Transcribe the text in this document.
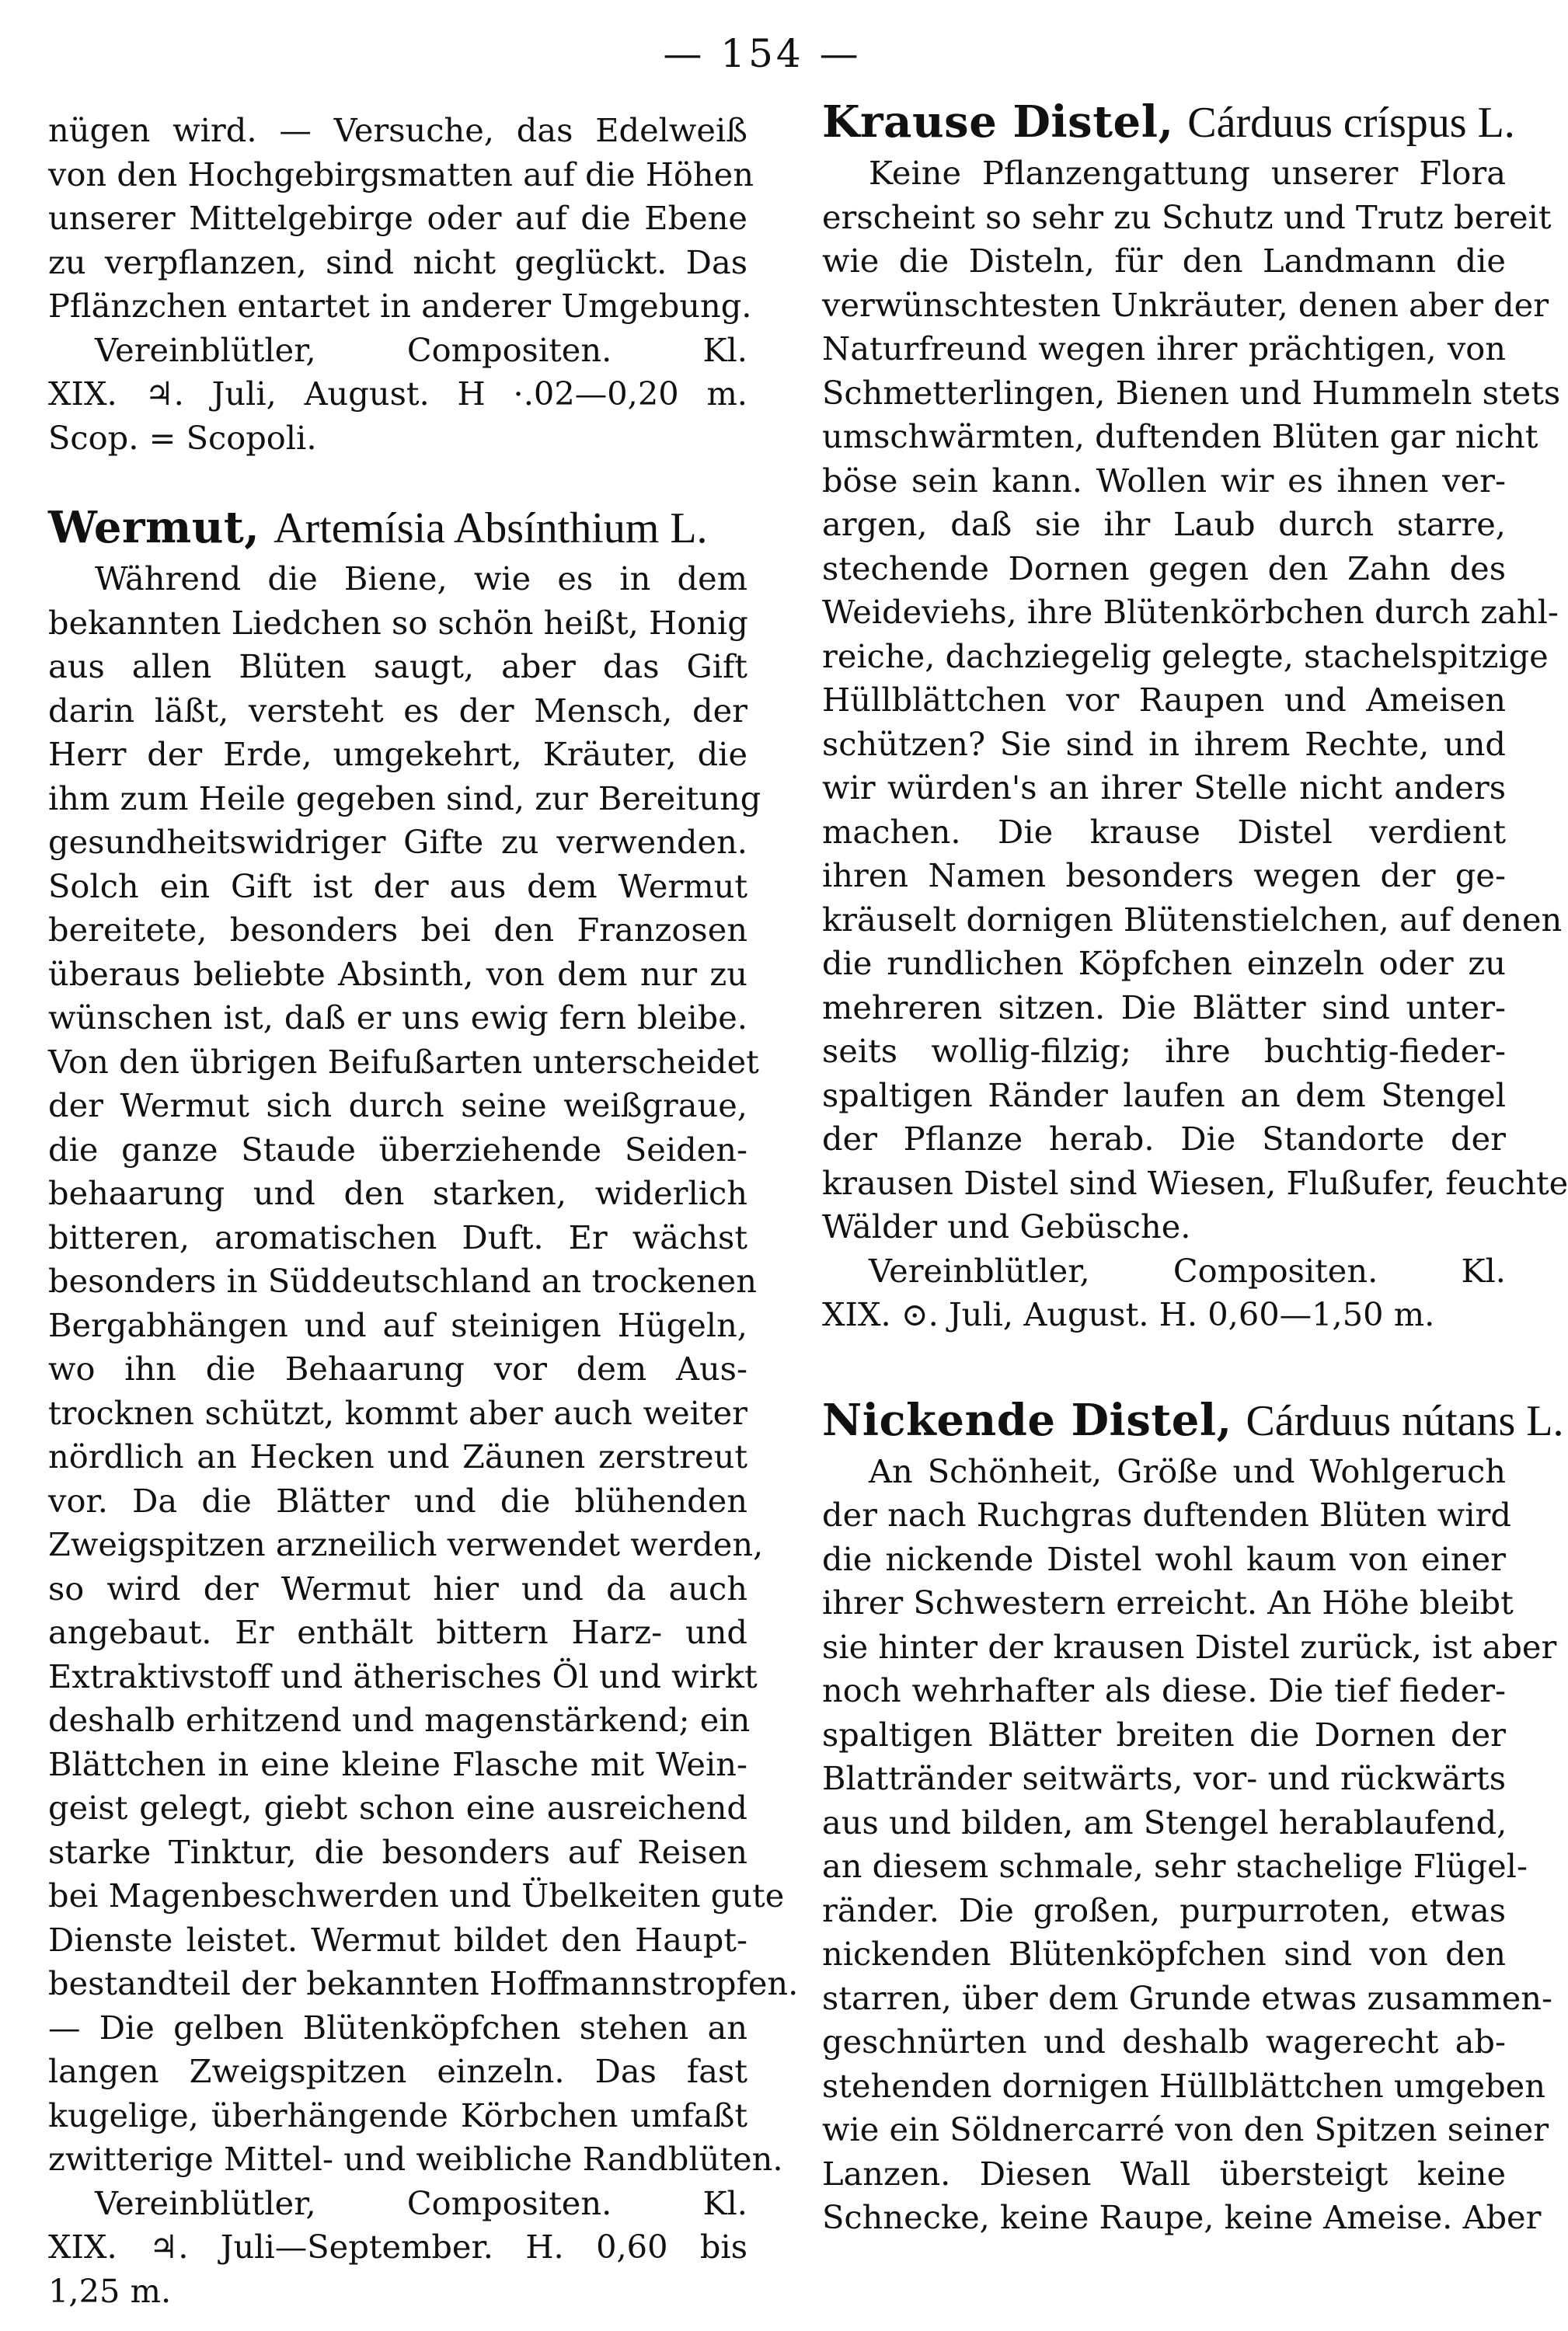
— 154 —
nügen wird. — Versuche, das Edelweiß
von den Hochgebirgsmatten auf die Höhen
unserer Mittelgebirge oder auf die Ebene
zu verpflanzen, sind nicht geglückt. Das
Pflänzchen entartet in anderer Umgebung.
Vereinblütler, Compositen. Kl.
XIX. ♃. Juli, August. H ·.02—0,20 m.
Scop. = Scopoli.
Wermut, Artemísia Absínthium L.
Während die Biene, wie es in dem
bekannten Liedchen so schön heißt, Honig
aus allen Blüten saugt, aber das Gift
darin läßt, versteht es der Mensch, der
Herr der Erde, umgekehrt, Kräuter, die
ihm zum Heile gegeben sind, zur Bereitung
gesundheitswidriger Gifte zu verwenden.
Solch ein Gift ist der aus dem Wermut
bereitete, besonders bei den Franzosen
überaus beliebte Absinth, von dem nur zu
wünschen ist, daß er uns ewig fern bleibe.
Von den übrigen Beifußarten unterscheidet
der Wermut sich durch seine weißgraue,
die ganze Staude überziehende Seiden-
behaarung und den starken, widerlich
bitteren, aromatischen Duft. Er wächst
besonders in Süddeutschland an trockenen
Bergabhängen und auf steinigen Hügeln,
wo ihn die Behaarung vor dem Aus-
trocknen schützt, kommt aber auch weiter
nördlich an Hecken und Zäunen zerstreut
vor. Da die Blätter und die blühenden
Zweigspitzen arzneilich verwendet werden,
so wird der Wermut hier und da auch
angebaut. Er enthält bittern Harz- und
Extraktivstoff und ätherisches Öl und wirkt
deshalb erhitzend und magenstärkend; ein
Blättchen in eine kleine Flasche mit Wein-
geist gelegt, giebt schon eine ausreichend
starke Tinktur, die besonders auf Reisen
bei Magenbeschwerden und Übelkeiten gute
Dienste leistet. Wermut bildet den Haupt-
bestandteil der bekannten Hoffmannstropfen.
— Die gelben Blütenköpfchen stehen an
langen Zweigspitzen einzeln. Das fast
kugelige, überhängende Körbchen umfaßt
zwitterige Mittel- und weibliche Randblüten.
Vereinblütler, Compositen. Kl.
XIX. ♃. Juli—September. H. 0,60 bis
1,25 m.
Krause Distel, Cárduus críspus L.
Keine Pflanzengattung unserer Flora
erscheint so sehr zu Schutz und Trutz bereit
wie die Disteln, für den Landmann die
verwünschtesten Unkräuter, denen aber der
Naturfreund wegen ihrer prächtigen, von
Schmetterlingen, Bienen und Hummeln stets
umschwärmten, duftenden Blüten gar nicht
böse sein kann. Wollen wir es ihnen ver-
argen, daß sie ihr Laub durch starre,
stechende Dornen gegen den Zahn des
Weideviehs, ihre Blütenkörbchen durch zahl-
reiche, dachziegelig gelegte, stachelspitzige
Hüllblättchen vor Raupen und Ameisen
schützen? Sie sind in ihrem Rechte, und
wir würden's an ihrer Stelle nicht anders
machen. Die krause Distel verdient
ihren Namen besonders wegen der ge-
kräuselt dornigen Blütenstielchen, auf denen
die rundlichen Köpfchen einzeln oder zu
mehreren sitzen. Die Blätter sind unter-
seits wollig-filzig; ihre buchtig-fieder-
spaltigen Ränder laufen an dem Stengel
der Pflanze herab. Die Standorte der
krausen Distel sind Wiesen, Flußufer, feuchte
Wälder und Gebüsche.
Vereinblütler, Compositen. Kl.
XIX. ⊙. Juli, August. H. 0,60—1,50 m.
Nickende Distel, Cárduus nútans L.
An Schönheit, Größe und Wohlgeruch
der nach Ruchgras duftenden Blüten wird
die nickende Distel wohl kaum von einer
ihrer Schwestern erreicht. An Höhe bleibt
sie hinter der krausen Distel zurück, ist aber
noch wehrhafter als diese. Die tief fieder-
spaltigen Blätter breiten die Dornen der
Blattränder seitwärts, vor- und rückwärts
aus und bilden, am Stengel herablaufend,
an diesem schmale, sehr stachelige Flügel-
ränder. Die großen, purpurroten, etwas
nickenden Blütenköpfchen sind von den
starren, über dem Grunde etwas zusammen-
geschnürten und deshalb wagerecht ab-
stehenden dornigen Hüllblättchen umgeben
wie ein Söldnercarré von den Spitzen seiner
Lanzen. Diesen Wall übersteigt keine
Schnecke, keine Raupe, keine Ameise. Aber
